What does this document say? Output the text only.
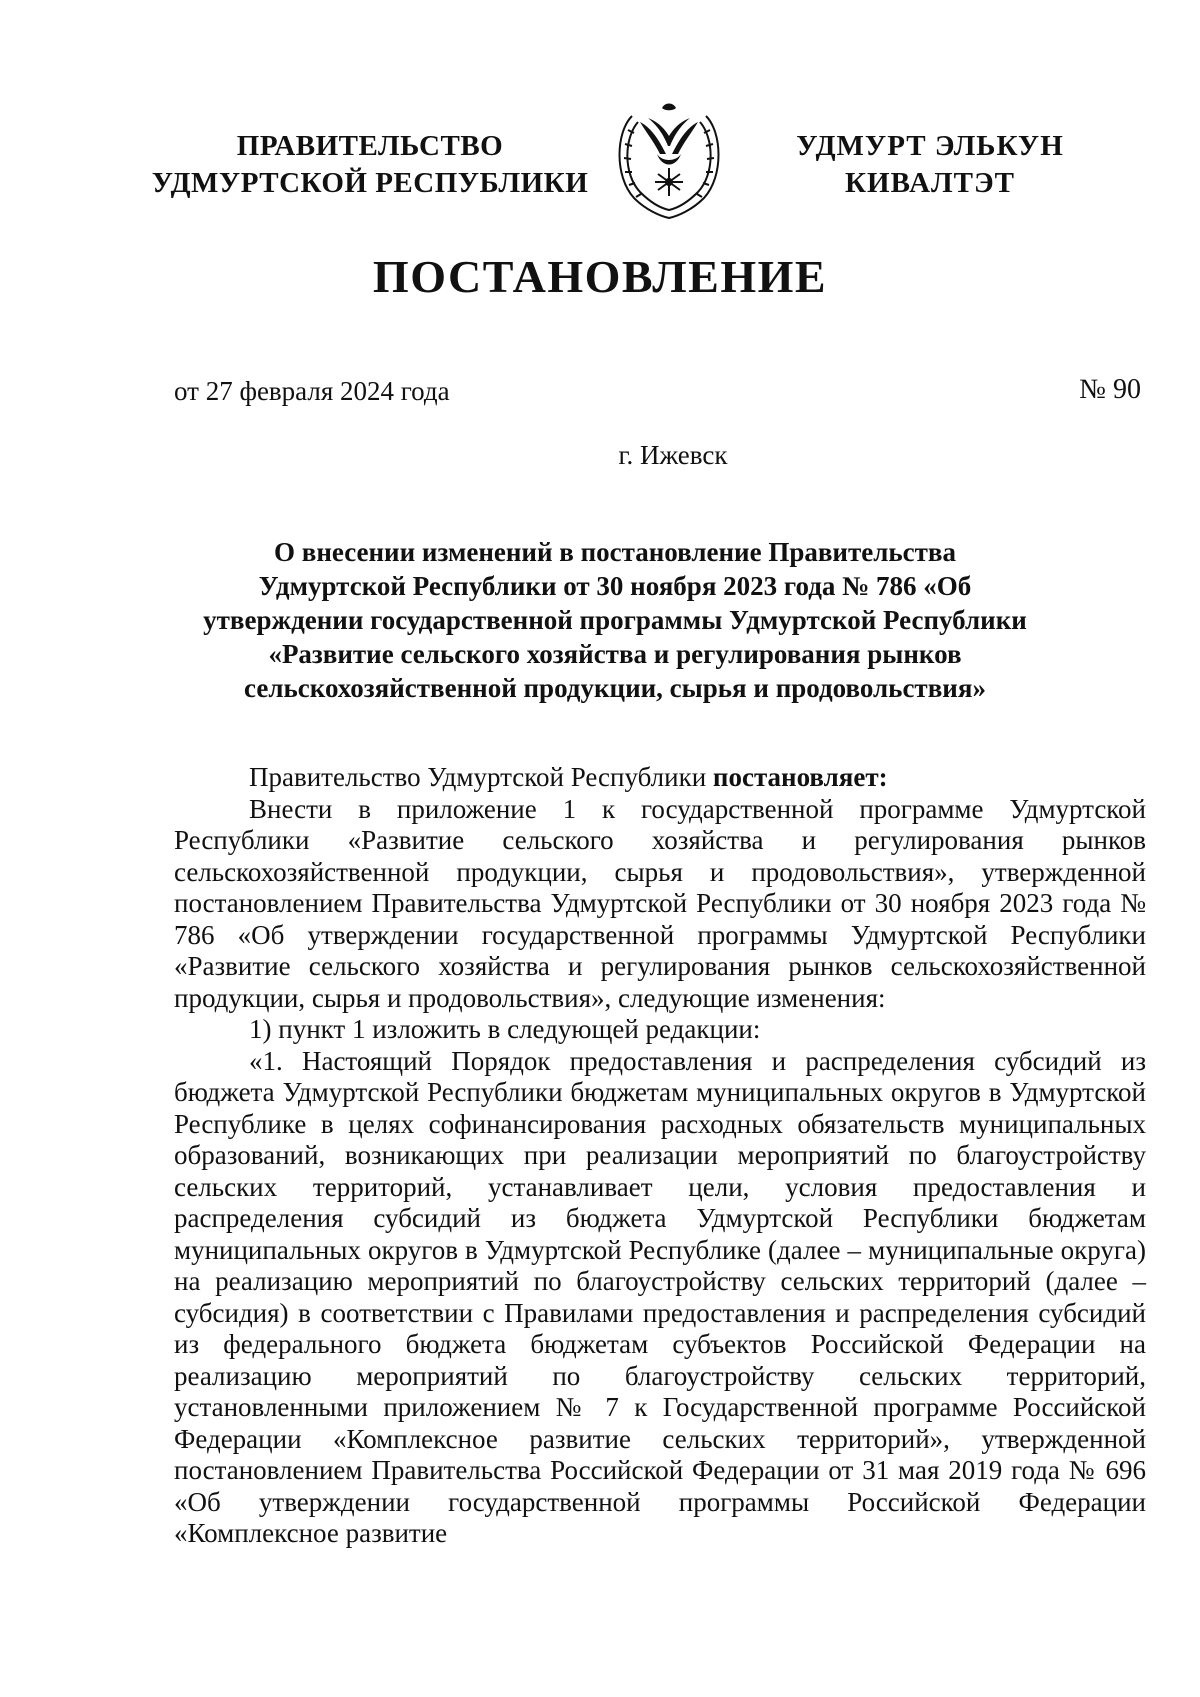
ПРАВИТЕЛЬСТВО
УДМУРТСКОЙ РЕСПУБЛИКИ
УДМУРТ ЭЛЬКУН
КИВАЛТЭТ
ПОСТАНОВЛЕНИЕ
от 27 февраля 2024 года	№ 90
г. Ижевск
О внесении изменений в постановление Правительства
Удмуртской Республики от 30 ноября 2023 года № 786 «Об
утверждении государственной программы Удмуртской Республики
«Развитие сельского хозяйства и регулирования рынков
сельскохозяйственной продукции, сырья и продовольствия»

Правительство Удмуртской Республики постановляет:

Внести в приложение 1 к государственной программе Удмуртской Республики «Развитие сельского хозяйства и регулирования рынков сельскохозяйственной продукции, сырья и продовольствия», утвержденной постановлением Правительства Удмуртской Республики от 30 ноября 2023 года № 786 «Об утверждении государственной программы Удмуртской Республики «Развитие сельского хозяйства и регулирования рынков сельскохозяйственной продукции, сырья и продовольствия», следующие изменения:

1) пункт 1 изложить в следующей редакции:

«1. Настоящий Порядок предоставления и распределения субсидий из бюджета Удмуртской Республики бюджетам муниципальных округов в Удмуртской Республике в целях софинансирования расходных обязательств муниципальных образований, возникающих при реализации мероприятий по благоустройству сельских территорий, устанавливает цели, условия предоставления и распределения субсидий из бюджета Удмуртской Республики бюджетам муниципальных округов в Удмуртской Республике (далее – муниципальные округа) на реализацию мероприятий по благоустройству сельских территорий (далее – субсидия) в соответствии с Правилами предоставления и распределения субсидий из федерального бюджета бюджетам субъектов Российской Федерации на реализацию мероприятий по благоустройству сельских территорий, установленными приложением № 7 к Государственной программе Российской Федерации «Комплексное развитие сельских территорий», утвержденной постановлением Правительства Российской Федерации от 31 мая 2019 года № 696 «Об утверждении государственной программы Российской Федерации «Комплексное развитие
